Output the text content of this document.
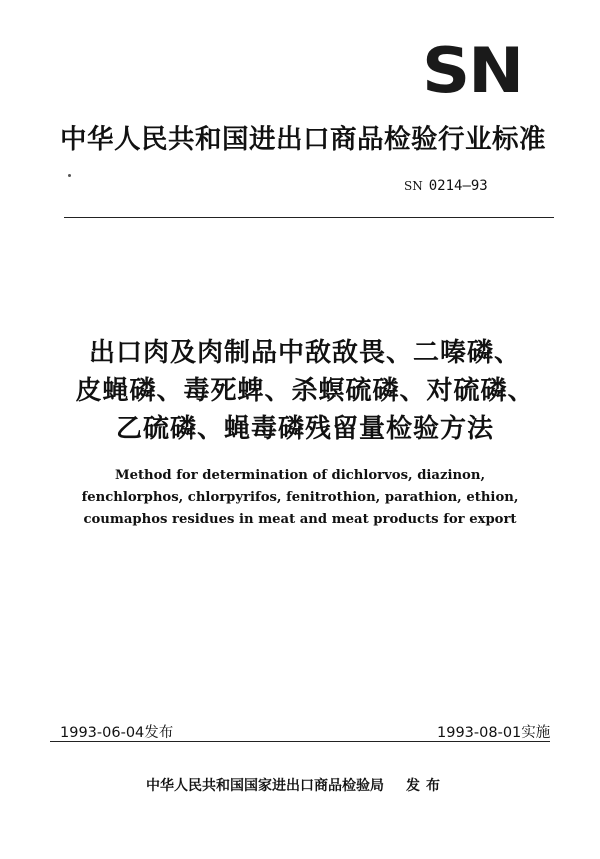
SN
中华人民共和国进出口商品检验行业标准
SN 0214—93
出口肉及肉制品中敌敌畏、二嗪磷、
皮蝇磷、毒死蜱、杀螟硫磷、对硫磷、
乙硫磷、蝇毒磷残留量检验方法
Method for determination of dichlorvos, diazinon,
fenchlorphos, chlorpyrifos, fenitrothion, parathion, ethion,
coumaphos residues in meat and meat products for export
1993-06-04发布	1993-08-01实施
中华人民共和国国家进出口商品检验局 发布
